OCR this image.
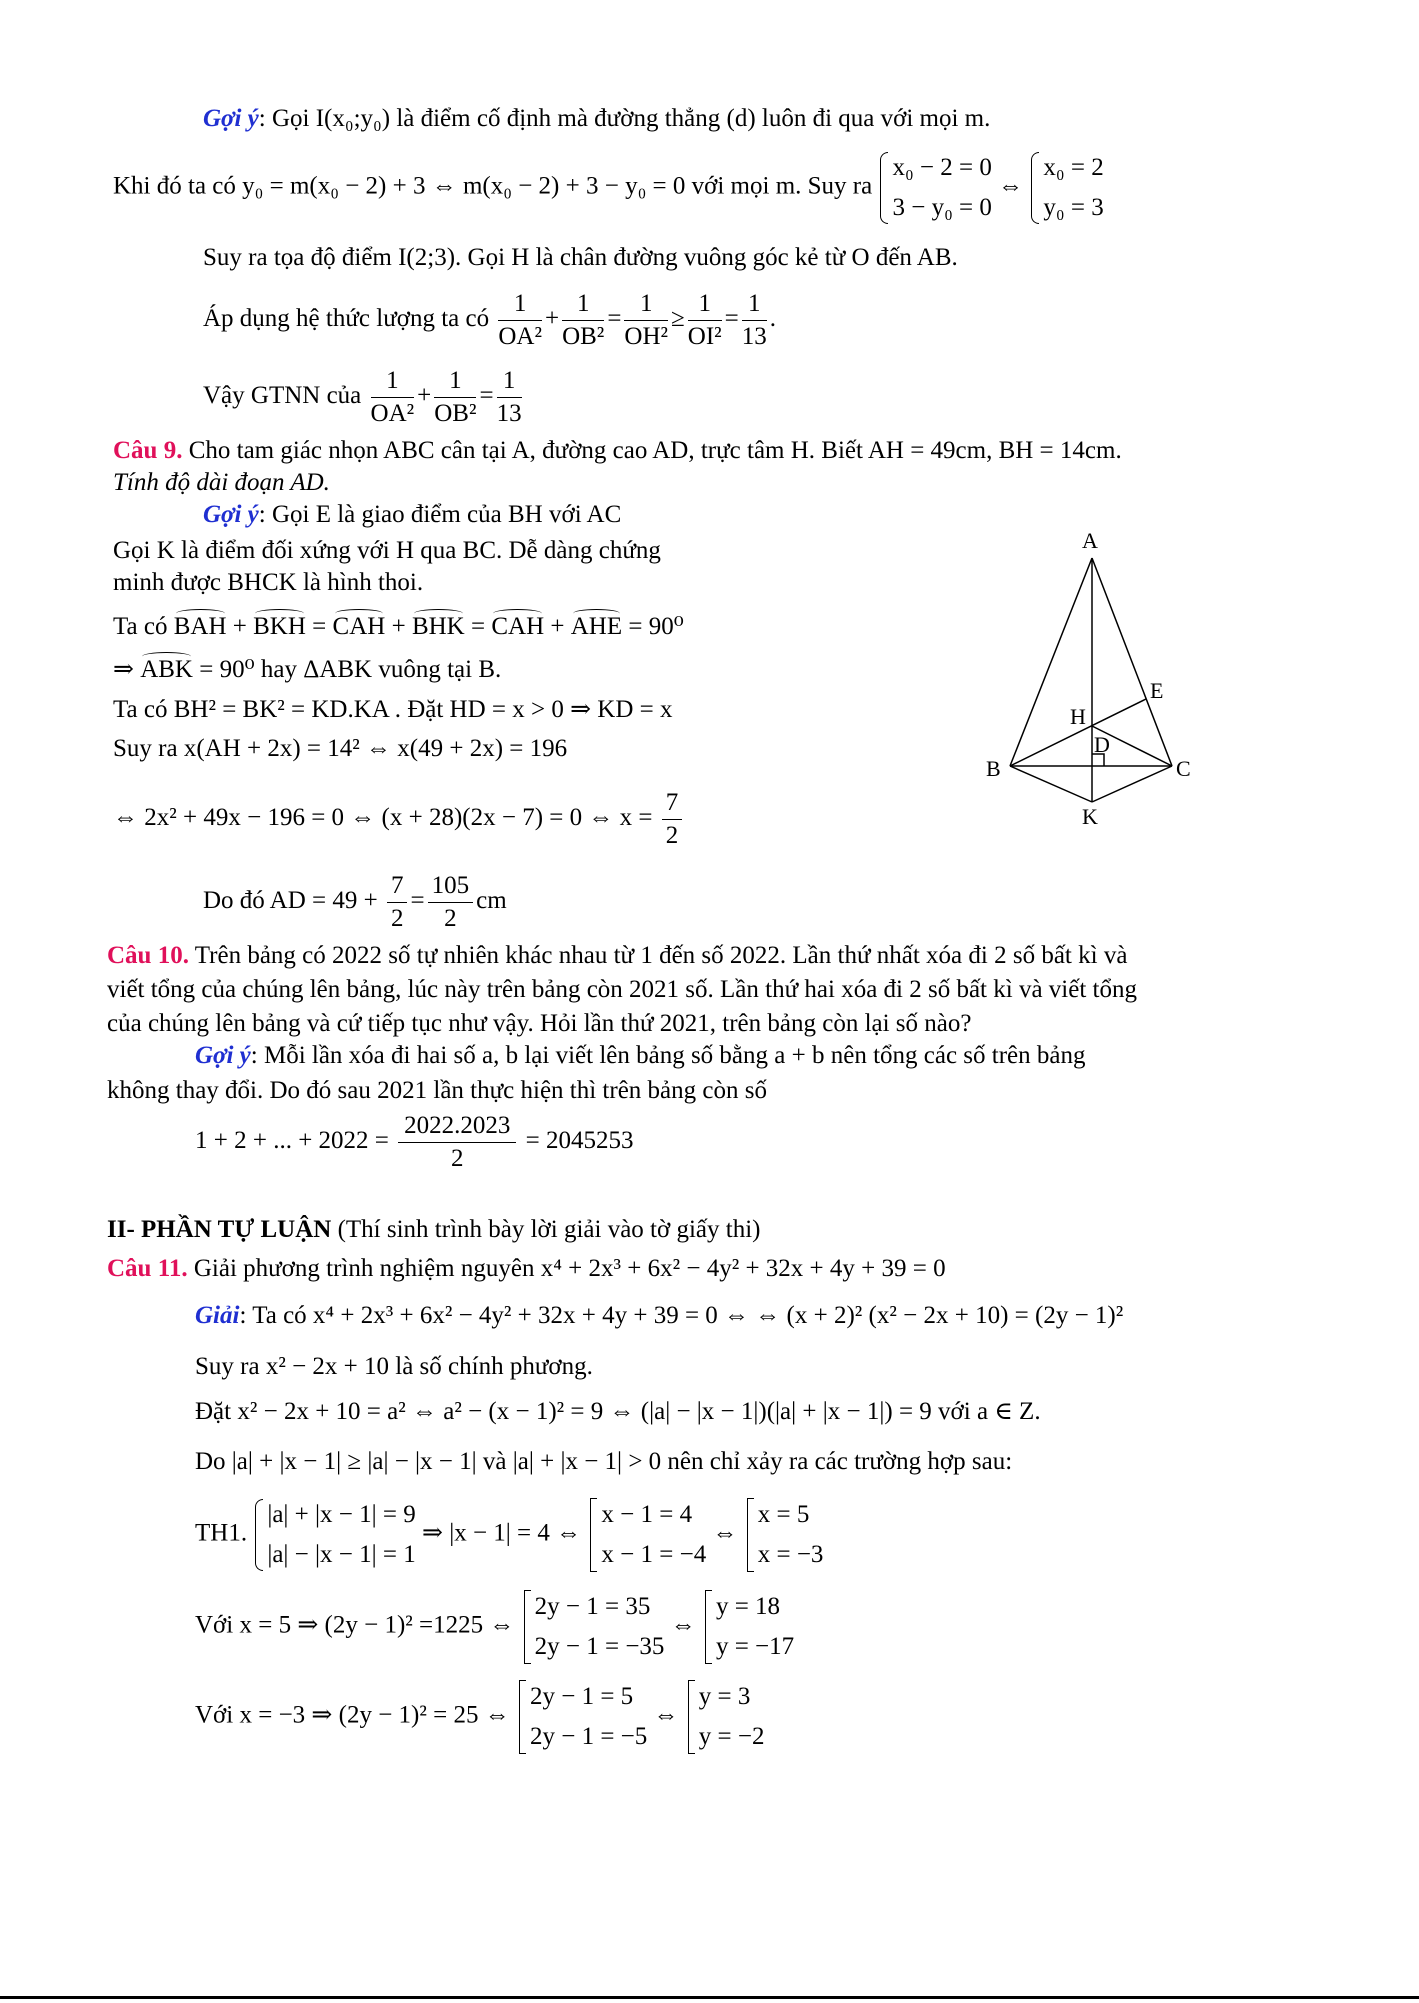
Gợi ý: Gọi I(x₀;y₀) là điểm cố định mà đường thẳng (d) luôn đi qua với mọi m.
Khi đó ta có y₀ = m(x₀ − 2) + 3 ⇔ m(x₀ − 2) + 3 − y₀ = 0 với mọi m. Suy ra
x₀ − 2 = 0
3 − y₀ = 0
⇔
x₀ = 2
y₀ = 3
Suy ra tọa độ điểm I(2;3). Gọi H là chân đường vuông góc kẻ từ O đến AB.
Áp dụng hệ thức lượng ta có $\frac{1}{\text{OA²}} + \frac{1}{\text{OB²}} = \frac{1}{\text{OH²}} \ge \frac{1}{\text{OI²}} = \frac{1}{13}$ .
Vậy GTNN của $\frac{1}{\text{OA²}} + \frac{1}{\text{OB²}} = \frac{1}{13}$
Câu 9. Cho tam giác nhọn ABC cân tại A, đường cao AD, trực tâm H. Biết AH = 49cm, BH = 14cm.
Tính độ dài đoạn AD.
Gợi ý: Gọi E là giao điểm của BH với AC
Gọi K là điểm đối xứng với H qua BC. Dễ dàng chứng
minh được BHCK là hình thoi.
Ta có BAH + BKH = CAH + BHK = CAH + AHE = 90⁰
⇒ ABK = 90⁰ hay ΔABK vuông tại B.
Ta có BH² = BK² = KD.KA . Đặt HD = x > 0 ⇒ KD = x
Suy ra x(AH + 2x) = 14² ⇔ x(49 + 2x) = 196
⇔ 2x² + 49x − 196 = 0 ⇔ (x + 28)(2x − 7) = 0 ⇔ $x = \frac{7}{2}$
Do đó AD = $49 + \frac{7}{2} = \frac{105}{2}$ cm
A
B	C
D
E
H
K
Câu 10. Trên bảng có 2022 số tự nhiên khác nhau từ 1 đến số 2022. Lần thứ nhất xóa đi 2 số bất kì và
viết tổng của chúng lên bảng, lúc này trên bảng còn 2021 số. Lần thứ hai xóa đi 2 số bất kì và viết tổng
của chúng lên bảng và cứ tiếp tục như vậy. Hỏi lần thứ 2021, trên bảng còn lại số nào?
Gợi ý: Mỗi lần xóa đi hai số a, b lại viết lên bảng số bằng a + b nên tổng các số trên bảng
không thay đổi. Do đó sau 2021 lần thực hiện thì trên bảng còn số
1 + 2 + ... + $2022 = \frac{2022.2023}{2} = 2045253$
II- PHẦN TỰ LUẬN (Thí sinh trình bày lời giải vào tờ giấy thi)
Câu 11. Giải phương trình nghiệm nguyên x⁴ + 2x³ + 6x² − 4y² + 32x + 4y + 39 = 0
Giải: Ta có x⁴ + 2x³ + 6x² − 4y² + 32x + 4y + 39 = 0 ⇔ ⇔ (x + 2)² (x² − 2x + 10) = (2y − 1)²
Suy ra x² − 2x + 10 là số chính phương.
Đặt x² − 2x + 10 = a² ⇔ a² − (x − 1)² = 9 ⇔ (|a| − |x − 1|)(|a| + |x − 1|) = 9 với a ∈ Z.
Do |a| + |x − 1| ≥ |a| − |x − 1| và |a| + |x − 1| > 0 nên chỉ xảy ra các trường hợp sau:
TH1.
|a| + |x − 1| = 9
|a| − |x − 1| = 1
⇒ |x − 1| = 4 ⇔
x − 1 = 4
x − 1 = −4
⇔
x = 5
x = −3
Với x = 5 ⇒ (2y − 1)² =1225 ⇔
2y − 1 = 35
2y − 1 = −35
⇔
y = 18
y = −17
Với x = −3 ⇒ (2y − 1)² = 25 ⇔
2y − 1 = 5
2y − 1 = −5
⇔
y = 3
y = −2
